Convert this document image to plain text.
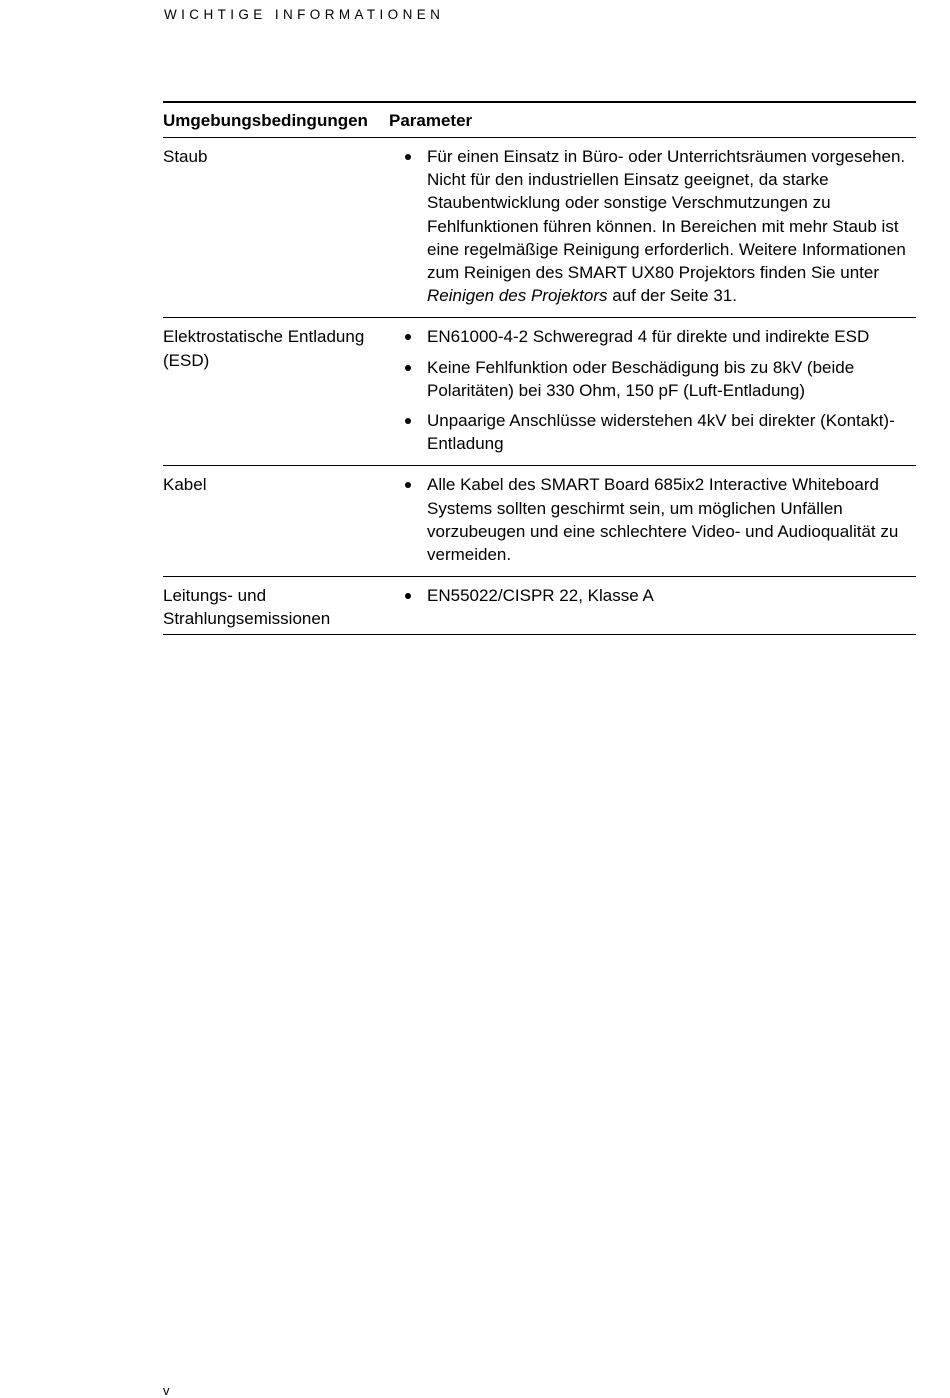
WICHTIGE INFORMATIONEN
Umgebungsbedingungen Parameter
Staub	Für einen Einsatz in Büro- oder Unterrichtsräumen vorgesehen. Nicht für den industriellen Einsatz geeignet, da starke Staubentwicklung oder sonstige Verschmutzungen zu Fehlfunktionen führen können. In Bereichen mit mehr Staub ist eine regelmäßige Reinigung erforderlich. Weitere Informationen zum Reinigen des SMART UX80 Projektors finden Sie unter Reinigen des Projektors auf der Seite 31.
Elektrostatische Entladung (ESD)
EN61000-4-2 Schweregrad 4 für direkte und indirekte ESD
Keine Fehlfunktion oder Beschädigung bis zu 8kV (beide Polaritäten) bei 330 Ohm, 150 pF (Luft-Entladung)
Unpaarige Anschlüsse widerstehen 4kV bei direkter (Kontakt)-Entladung
Kabel	Alle Kabel des SMART Board 685ix2 Interactive Whiteboard Systems sollten geschirmt sein, um möglichen Unfällen vorzubeugen und eine schlechtere Video- und Audioqualität zu vermeiden.
Leitungs- und Strahlungsemissionen
EN55022/CISPR 22, Klasse A
v
